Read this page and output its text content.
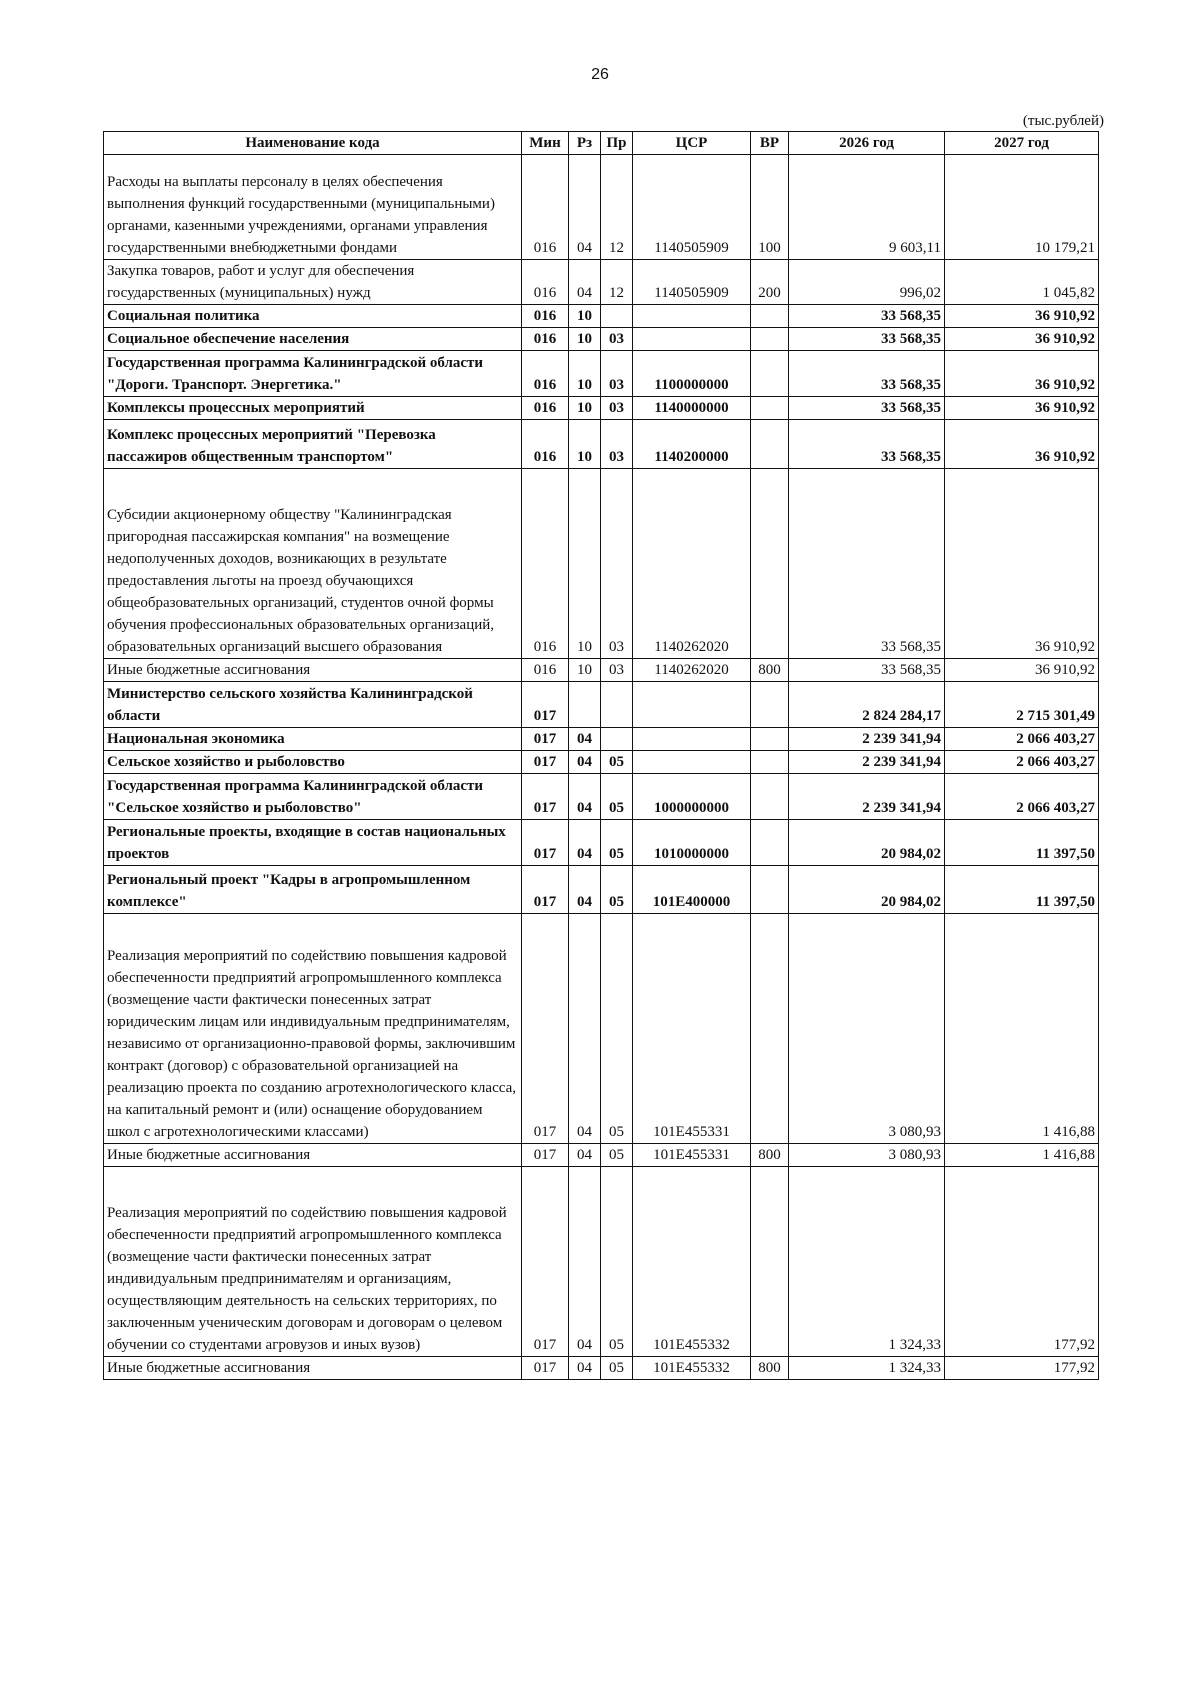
26
(тыс.рублей)
Наименование кода	Мин	Рз	Пр	ЦСР	ВР	2026 год	2027 год
Расходы на выплаты персоналу в целях обеспечения выполнения функций государственными (муниципальными) органами, казенными учреждениями, органами управления государственными внебюджетными фондами	016	04	12	1140505909	100	9 603,11	10 179,21
Закупка товаров, работ и услуг для обеспечения государственных (муниципальных) нужд	016	04	12	1140505909	200	996,02	1 045,82
Социальная политика	016	10				33 568,35	36 910,92
Социальное обеспечение населения	016	10	03			33 568,35	36 910,92
Государственная программа Калининградской области "Дороги. Транспорт. Энергетика."	016	10	03	1100000000		33 568,35	36 910,92
Комплексы процессных мероприятий	016	10	03	1140000000		33 568,35	36 910,92
Комплекс процессных мероприятий "Перевозка пассажиров общественным транспортом"	016	10	03	1140200000		33 568,35	36 910,92
Субсидии акционерному обществу "Калининградская пригородная пассажирская компания" на возмещение недополученных доходов, возникающих в результате предоставления льготы на проезд обучающихся общеобразовательных организаций, студентов очной формы обучения профессиональных образовательных организаций, образовательных организаций высшего образования	016	10	03	1140262020		33 568,35	36 910,92
Иные бюджетные ассигнования	016	10	03	1140262020	800	33 568,35	36 910,92
Министерство сельского хозяйства Калининградской области	017					2 824 284,17	2 715 301,49
Национальная экономика	017	04				2 239 341,94	2 066 403,27
Сельское хозяйство и рыболовство	017	04	05			2 239 341,94	2 066 403,27
Государственная программа Калининградской области "Сельское хозяйство и рыболовство"	017	04	05	1000000000		2 239 341,94	2 066 403,27
Региональные проекты, входящие в состав национальных проектов	017	04	05	1010000000		20 984,02	11 397,50
Региональный проект "Кадры в агропромышленном комплексе"	017	04	05	101E400000		20 984,02	11 397,50
Реализация мероприятий по содействию повышения кадровой обеспеченности предприятий агропромышленного комплекса (возмещение части фактически понесенных затрат юридическим лицам или индивидуальным предпринимателям, независимо от организационно-правовой формы, заключившим контракт (договор) с образовательной организацией на реализацию проекта по созданию агротехнологического класса, на капитальный ремонт и (или) оснащение оборудованием школ с агротехнологическими классами)	017	04	05	101E455331		3 080,93	1 416,88
Иные бюджетные ассигнования	017	04	05	101E455331	800	3 080,93	1 416,88
Реализация мероприятий по содействию повышения кадровой обеспеченности предприятий агропромышленного комплекса (возмещение части фактически понесенных затрат индивидуальным предпринимателям и организациям, осуществляющим деятельность на сельских территориях, по заключенным ученическим договорам и договорам о целевом обучении со студентами агровузов и иных вузов)	017	04	05	101E455332		1 324,33	177,92
Иные бюджетные ассигнования	017	04	05	101E455332	800	1 324,33	177,92
